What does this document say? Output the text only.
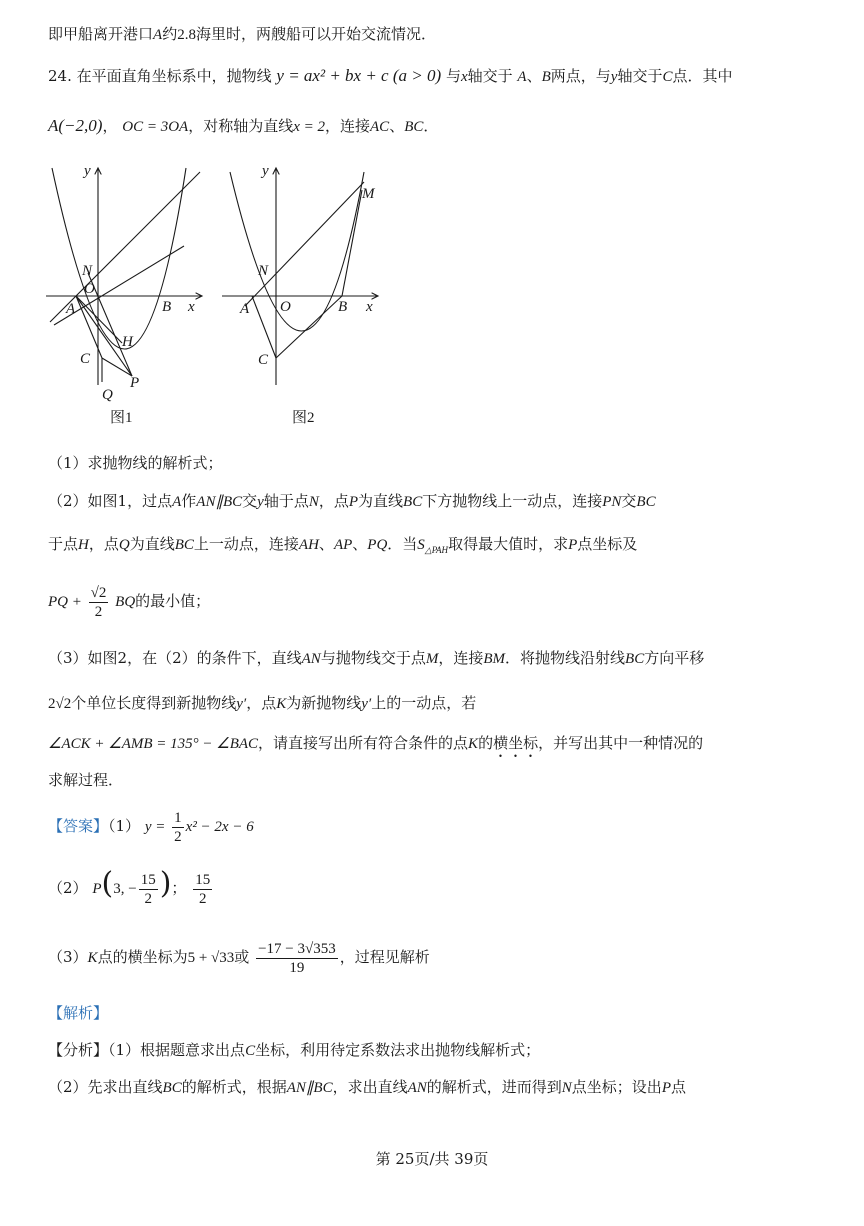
即甲船离开港口A约2.8海里时，两艘船可以开始交流情况．
24. 在平面直角坐标系中，抛物线 y = ax² + bx + c (a > 0) 与x轴交于 A、B两点，与y轴交于C点．其中
A(−2,0)， OC = 3OA，对称轴为直线x = 2，连接AC、BC．
y
x
N
O
A	B
C
H
Q
P
y
x
N
O
A	B
C
M
图1	图2
（1）求抛物线的解析式；
（2）如图1，过点A作AN∥BC交y轴于点N，点P为直线BC下方抛物线上一动点，连接PN交BC
于点H，点Q为直线BC上一动点，连接AH、AP、PQ．当$S_{\triangle PAH}$取得最大值时，求P点坐标及
PQ + $\frac{√2}{2}$ BQ的最小值；
（3）如图2，在（2）的条件下，直线AN与抛物线交于点M，连接BM．将抛物线沿射线BC方向平移
2√2个单位长度得到新抛物线y′，点K为新抛物线y′上的一动点，若
∠ACK + ∠AMB = 135° − ∠BAC，请直接写出所有符合条件的点K的横坐标，并写出其中一种情况的
求解过程．
【答案】（1） $y = \frac{1}{2} x^2 - 2x - 6$
（2） P(3, − $\frac{15}{2}$ )； $\frac{15}{2}$
（3）K点的横坐标为5 + √33或 $\frac{-17 - 3√353}{19}$ ，过程见解析
【解析】
【分析】（1）根据题意求出点C坐标，利用待定系数法求出抛物线解析式；
（2）先求出直线BC的解析式，根据AN∥BC，求出直线AN的解析式，进而得到N点坐标；设出P点
第 25页/共 39页
